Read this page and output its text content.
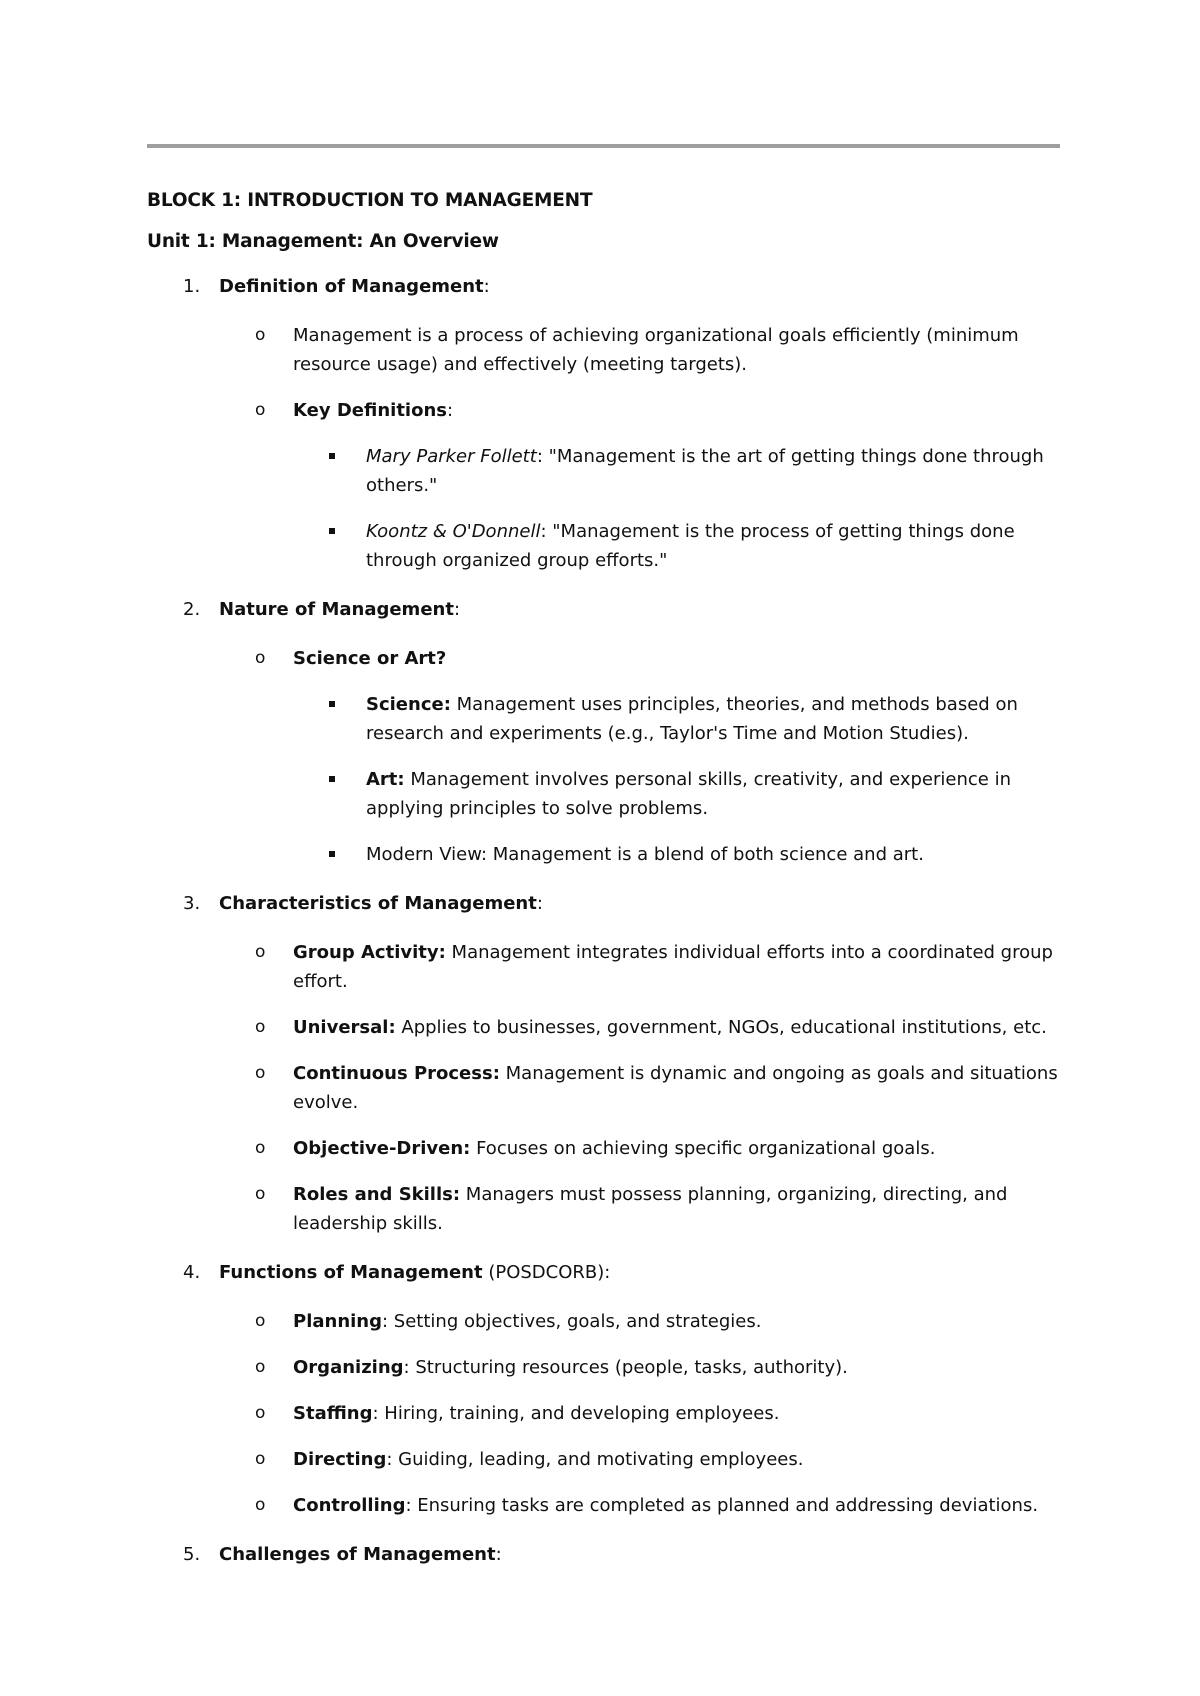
BLOCK 1: INTRODUCTION TO MANAGEMENT
Unit 1: Management: An Overview
1.	Definition of Management:
o Management is a process of achieving organizational goals efficiently (minimum resource usage) and effectively (meeting targets).
o Key Definitions:
Mary Parker Follett: "Management is the art of getting things done through others."
Koontz & O'Donnell: "Management is the process of getting things done through organized group efforts."
2.	Nature of Management:
o Science or Art?
Science: Management uses principles, theories, and methods based on research and experiments (e.g., Taylor's Time and Motion Studies).
Art: Management involves personal skills, creativity, and experience in applying principles to solve problems.
Modern View: Management is a blend of both science and art.
3.	Characteristics of Management:
o Group Activity: Management integrates individual efforts into a coordinated group effort.
o Universal: Applies to businesses, government, NGOs, educational institutions, etc.
o Continuous Process: Management is dynamic and ongoing as goals and situations evolve.
o Objective-Driven: Focuses on achieving specific organizational goals.
o Roles and Skills: Managers must possess planning, organizing, directing, and leadership skills.
4.	Functions of Management (POSDCORB):
o Planning: Setting objectives, goals, and strategies.
o Organizing: Structuring resources (people, tasks, authority).
o Staffing: Hiring, training, and developing employees.
o Directing: Guiding, leading, and motivating employees.
o Controlling: Ensuring tasks are completed as planned and addressing deviations.
5.	Challenges of Management:
